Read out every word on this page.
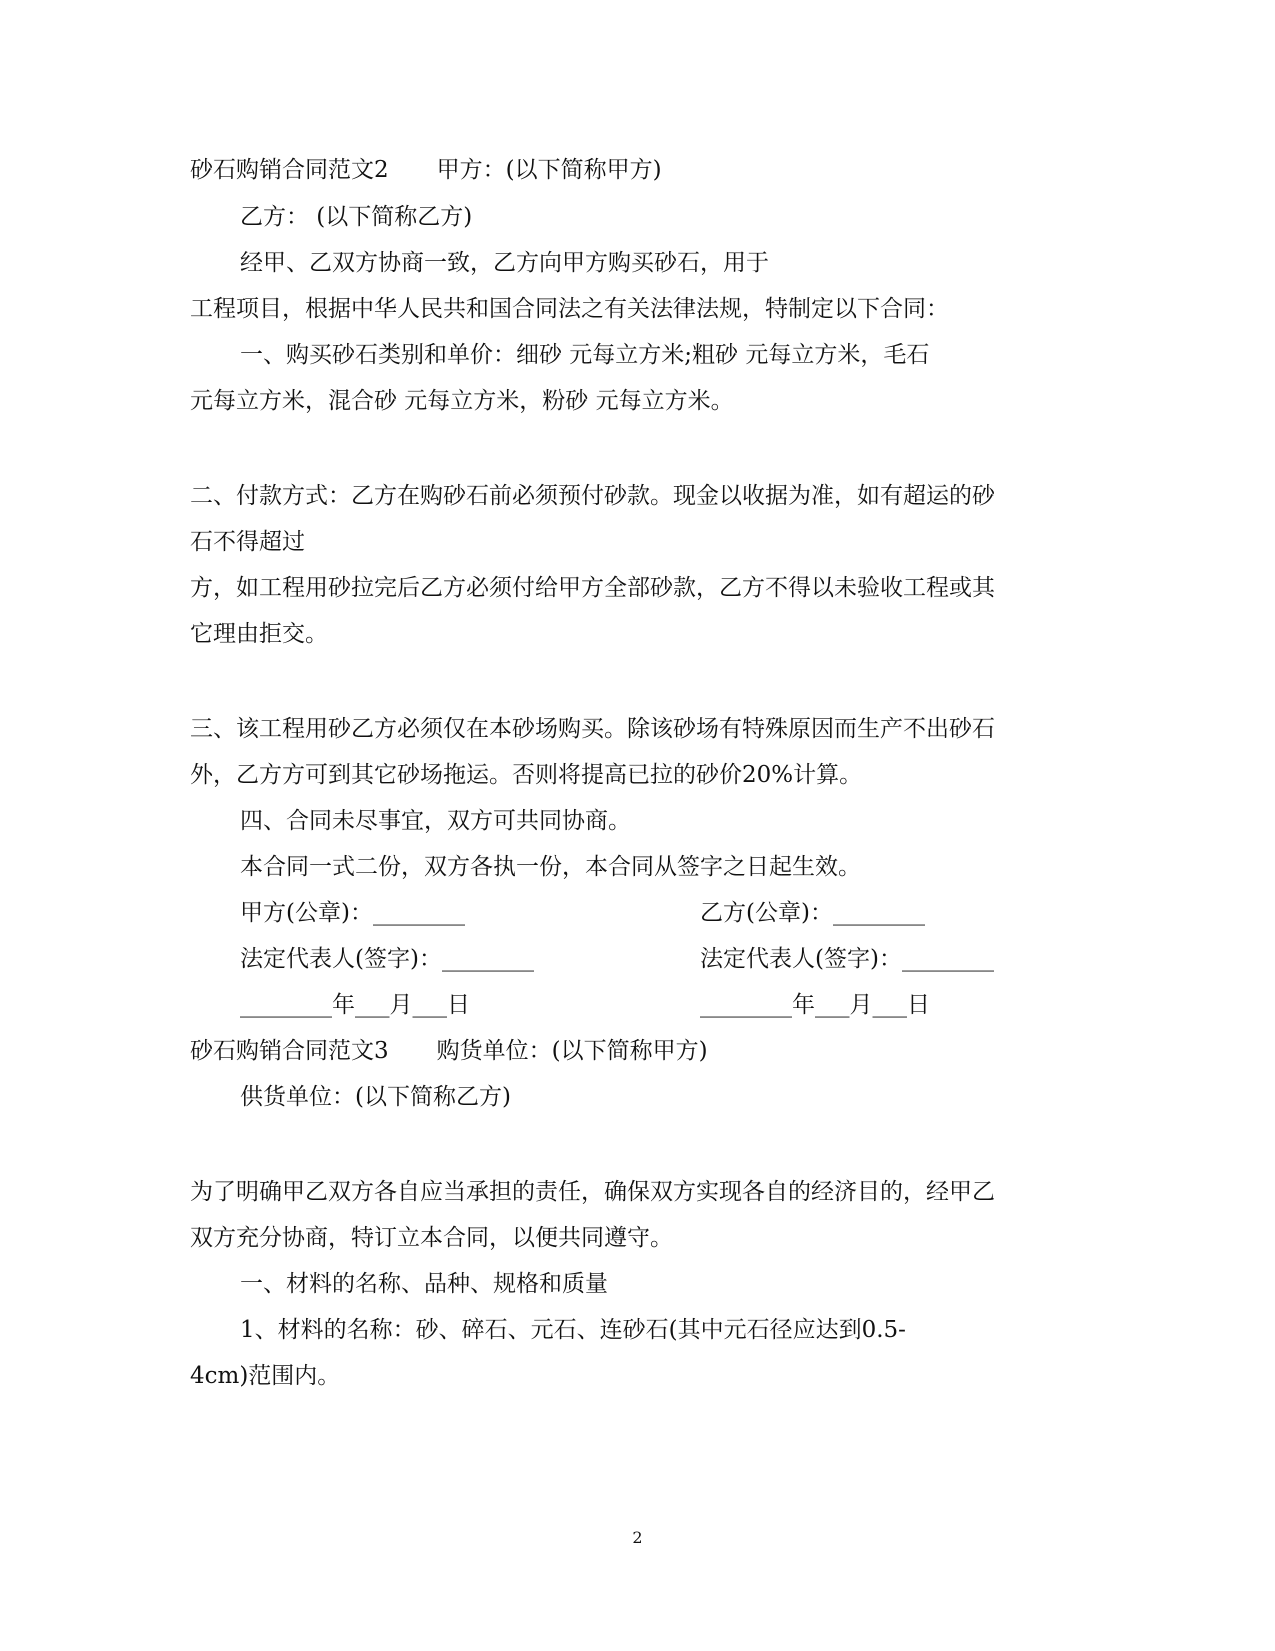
砂石购销合同范文2 甲方：(以下简称甲方)
乙方： (以下简称乙方)
经甲、乙双方协商一致，乙方向甲方购买砂石，用于
工程项目，根据中华人民共和国合同法之有关法律法规，特制定以下合同：
一、购买砂石类别和单价：细砂 元每立方米;粗砂 元每立方米，毛石
元每立方米，混合砂 元每立方米，粉砂 元每立方米。
二、付款方式：乙方在购砂石前必须预付砂款。现金以收据为准，如有超运的砂
石不得超过
方，如工程用砂拉完后乙方必须付给甲方全部砂款，乙方不得以未验收工程或其
它理由拒交。
三、该工程用砂乙方必须仅在本砂场购买。除该砂场有特殊原因而生产不出砂石
外，乙方方可到其它砂场拖运。否则将提高已拉的砂价20%计算。
四、合同未尽事宜，双方可共同协商。
本合同一式二份，双方各执一份，本合同从签字之日起生效。
甲方(公章)：________	乙方(公章)：________
法定代表人(签字)：________	法定代表人(签字)：________
________年___月___日	________年___月___日
砂石购销合同范文3 购货单位：(以下简称甲方)
供货单位：(以下简称乙方)
为了明确甲乙双方各自应当承担的责任，确保双方实现各自的经济目的，经甲乙
双方充分协商，特订立本合同，以便共同遵守。
一、材料的名称、品种、规格和质量
1、材料的名称：砂、碎石、元石、连砂石(其中元石径应达到0.5-
4cm)范围内。
2
